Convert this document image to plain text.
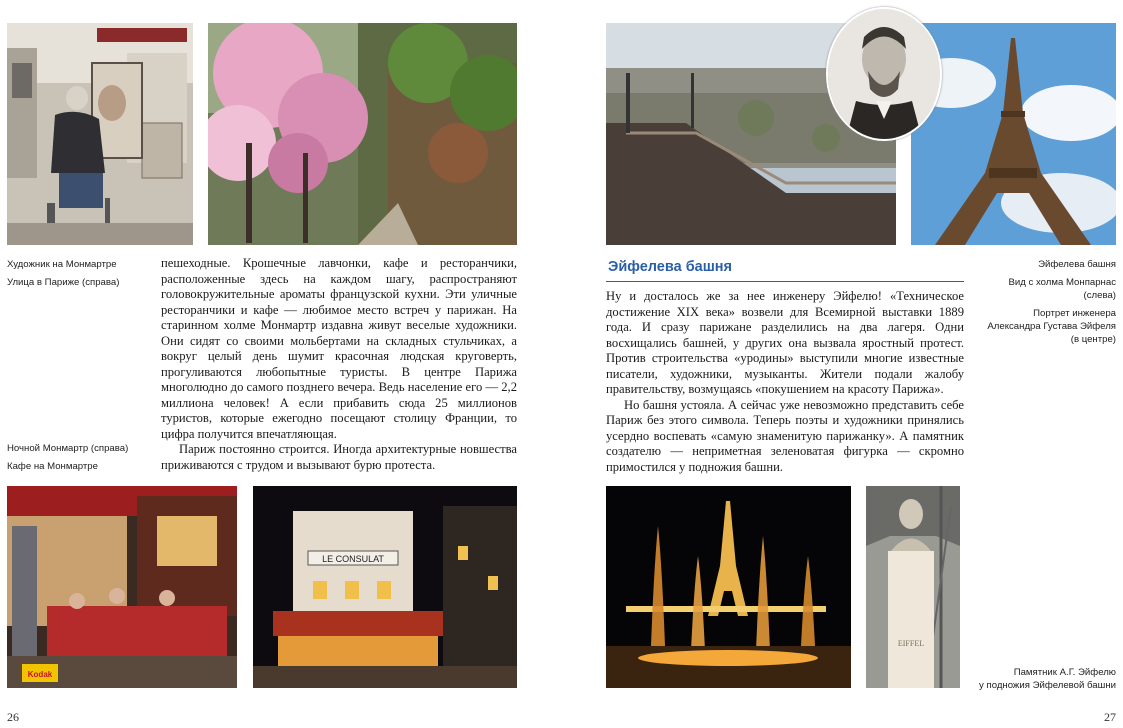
Художник на Монмартре
Улица в Париже (справа)

пешеходные. Крошечные лавчонки, кафе и ресторанчики, расположенные здесь на каждом шагу, распространяют головокружительные ароматы французской кухни. Эти уличные ресторанчики и кафе — любимое место встреч у парижан. На старинном холме Монмартр издавна живут веселые художники. Они сидят со своими мольбертами на складных стульчиках, а вокруг целый день шумит красочная людская круговерть, прогуливаются любопытные туристы. В центре Парижа многолюдно до самого позднего вечера. Ведь население его — 2,2 миллиона человек! А если прибавить сюда 25 миллионов туристов, которые ежегодно посещают столицу Франции, то цифра получится впечатляющая.

Париж постоянно строится. Иногда архитектурные новшества приживаются с трудом и вызывают бурю протеста.

Ночной Монмартр (справа)
Кафе на Монмартре
Kodak
LE CONSULAT
26
Эйфелева башня	Эйфелева башня
Вид с холма Монпарнас
(слева)
Портрет инженера
Александра Густава Эйфеля
(в центре)

Ну и досталось же за нее инженеру Эйфелю! «Техническое достижение XIX века» возвели для Всемирной выставки 1889 года. И сразу парижане разделились на два лагеря. Одни восхищались башней, у других она вызвала яростный протест. Против строительства «уродины» выступили многие известные писатели, художники, музыканты. Жители подали жалобу правительству, возмущаясь «покушением на красоту Парижа».

Но башня устояла. А сейчас уже невозможно представить себе Париж без этого символа. Теперь поэты и художники принялись усердно воспевать «самую знаменитую парижанку». А памятник создателю — неприметная зеленоватая фигурка — скромно примостился у подножия башни.

EIFFEL
Памятник А.Г. Эйфелю
у подножия Эйфелевой башни
27
